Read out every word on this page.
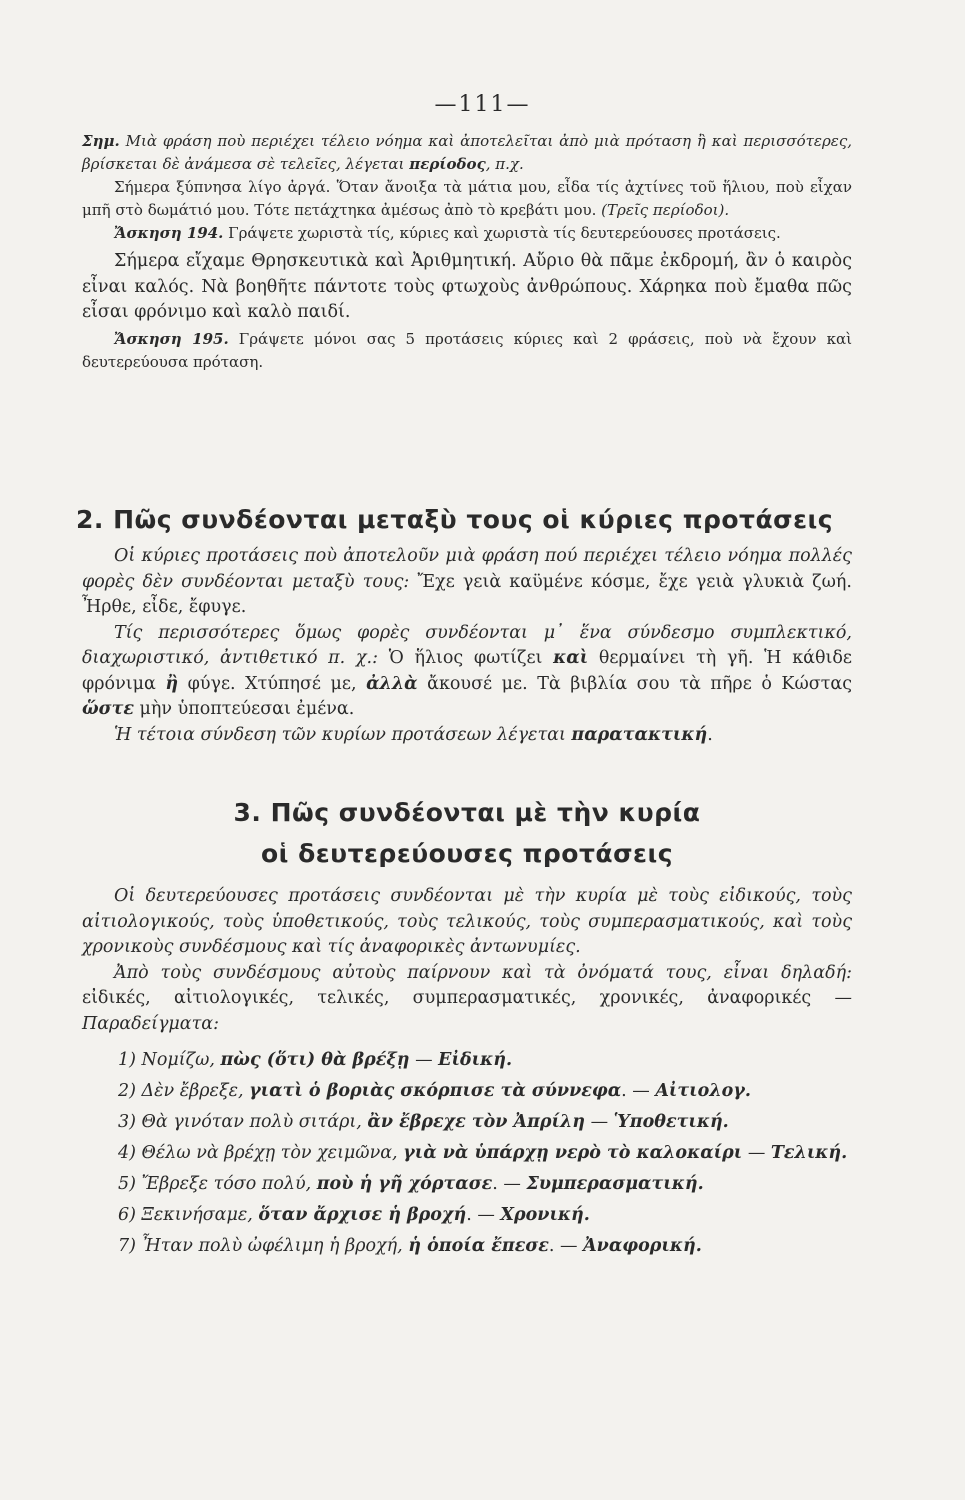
—111—

Σημ. Μιὰ φράση ποὺ περιέχει τέλειο νόημα καὶ ἀποτελεῖται ἀπὸ μιὰ πρόταση ἢ καὶ περισσότερες, βρίσκεται δὲ ἀνάμεσα σὲ τελεῖες, λέγεται περίοδος, π.χ.

Σήμερα ξύπνησα λίγο ἀργά. Ὅταν ἄνοιξα τὰ μάτια μου, εἶδα τίς ἀχτίνες τοῦ ἥλιου, ποὺ εἶχαν μπῆ στὸ δωμάτιό μου. Τότε πετάχτηκα ἀμέσως ἀπὸ τὸ κρεβάτι μου. (Τρεῖς περίοδοι).

Ἄσκηση 194. Γράψετε χωριστὰ τίς, κύριες καὶ χωριστὰ τίς δευτερεύουσες προτάσεις.

Σήμερα εἴχαμε Θρησκευτικὰ καὶ Ἀριθμητική. Αὔριο θὰ πᾶμε ἐκδρομή, ἂν ὁ καιρὸς εἶναι καλός. Νὰ βοηθῆτε πάντοτε τοὺς φτωχοὺς ἀνθρώπους. Χάρηκα ποὺ ἔμαθα πῶς εἶσαι φρόνιμο καὶ καλὸ παιδί.

Ἄσκηση 195. Γράψετε μόνοι σας 5 προτάσεις κύριες καὶ 2 φράσεις, ποὺ νὰ ἔχουν καὶ δευτερεύουσα πρόταση.

2. Πῶς συνδέονται μεταξὺ τους οἱ κύριες προτάσεις

Οἱ κύριες προτάσεις ποὺ ἀποτελοῦν μιὰ φράση πού περιέχει τέλειο νόημα πολλές φορὲς δὲν συνδέονται μεταξὺ τους: Ἔχε γειὰ καϋμένε κόσμε, ἔχε γειὰ γλυκιὰ ζωή. Ἦρθε, εἶδε, ἔφυγε.

Τίς περισσότερες ὅμως φορὲς συνδέονται μ᾽ ἕνα σύνδεσμο συμπλεκτικό, διαχωριστικό, ἀντιθετικό π. χ.: Ὁ ἥλιος φωτίζει καὶ θερμαίνει τὴ γῆ. Ἡ κάθιδε φρόνιμα ἢ φύγε. Χτύπησέ με, ἀλλὰ ἄκουσέ με. Τὰ βιβλία σου τὰ πῆρε ὁ Κώστας ὥστε μὴν ὑποπτεύεσαι ἐμένα.

Ἡ τέτοια σύνδεση τῶν κυρίων προτάσεων λέγεται παρατακτική.

3. Πῶς συνδέονται μὲ τὴν κυρία
οἱ δευτερεύουσες προτάσεις

Οἱ δευτερεύουσες προτάσεις συνδέονται μὲ τὴν κυρία μὲ τοὺς εἰδικούς, τοὺς αἰτιολογικούς, τοὺς ὑποθετικούς, τοὺς τελικούς, τοὺς συμπερασματικούς, καὶ τοὺς χρονικοὺς συνδέσμους καὶ τίς ἀναφορικὲς ἀντωνυμίες.

Ἀπὸ τοὺς συνδέσμους αὐτοὺς παίρνουν καὶ τὰ ὀνόματά τους, εἶναι δηλαδή: εἰδικές, αἰτιολογικές, τελικές, συμπερασματικές, χρονικές, ἀναφορικές — Παραδείγματα:

1) Νομίζω, πὼς (ὅτι) θὰ βρέξῃ — Εἰδική.

2) Δὲν ἔβρεξε, γιατὶ ὁ βοριὰς σκόρπισε τὰ σύννεφα. — Αἰτιολογ.

3) Θὰ γινόταν πολὺ σιτάρι, ἂν ἔβρεχε τὸν Ἀπρίλη — Ὑποθετική.

4) Θέλω νὰ βρέχῃ τὸν χειμῶνα, γιὰ νὰ ὑπάρχῃ νερὸ τὸ καλοκαίρι — Τελική.

5) Ἔβρεξε τόσο πολύ, ποὺ ἡ γῆ χόρτασε. — Συμπερασματική.

6) Ξεκινήσαμε, ὅταν ἄρχισε ἡ βροχή. — Χρονική.

7) Ἦταν πολὺ ὠφέλιμη ἡ βροχή, ἡ ὁποία ἔπεσε. — Ἀναφορική.
